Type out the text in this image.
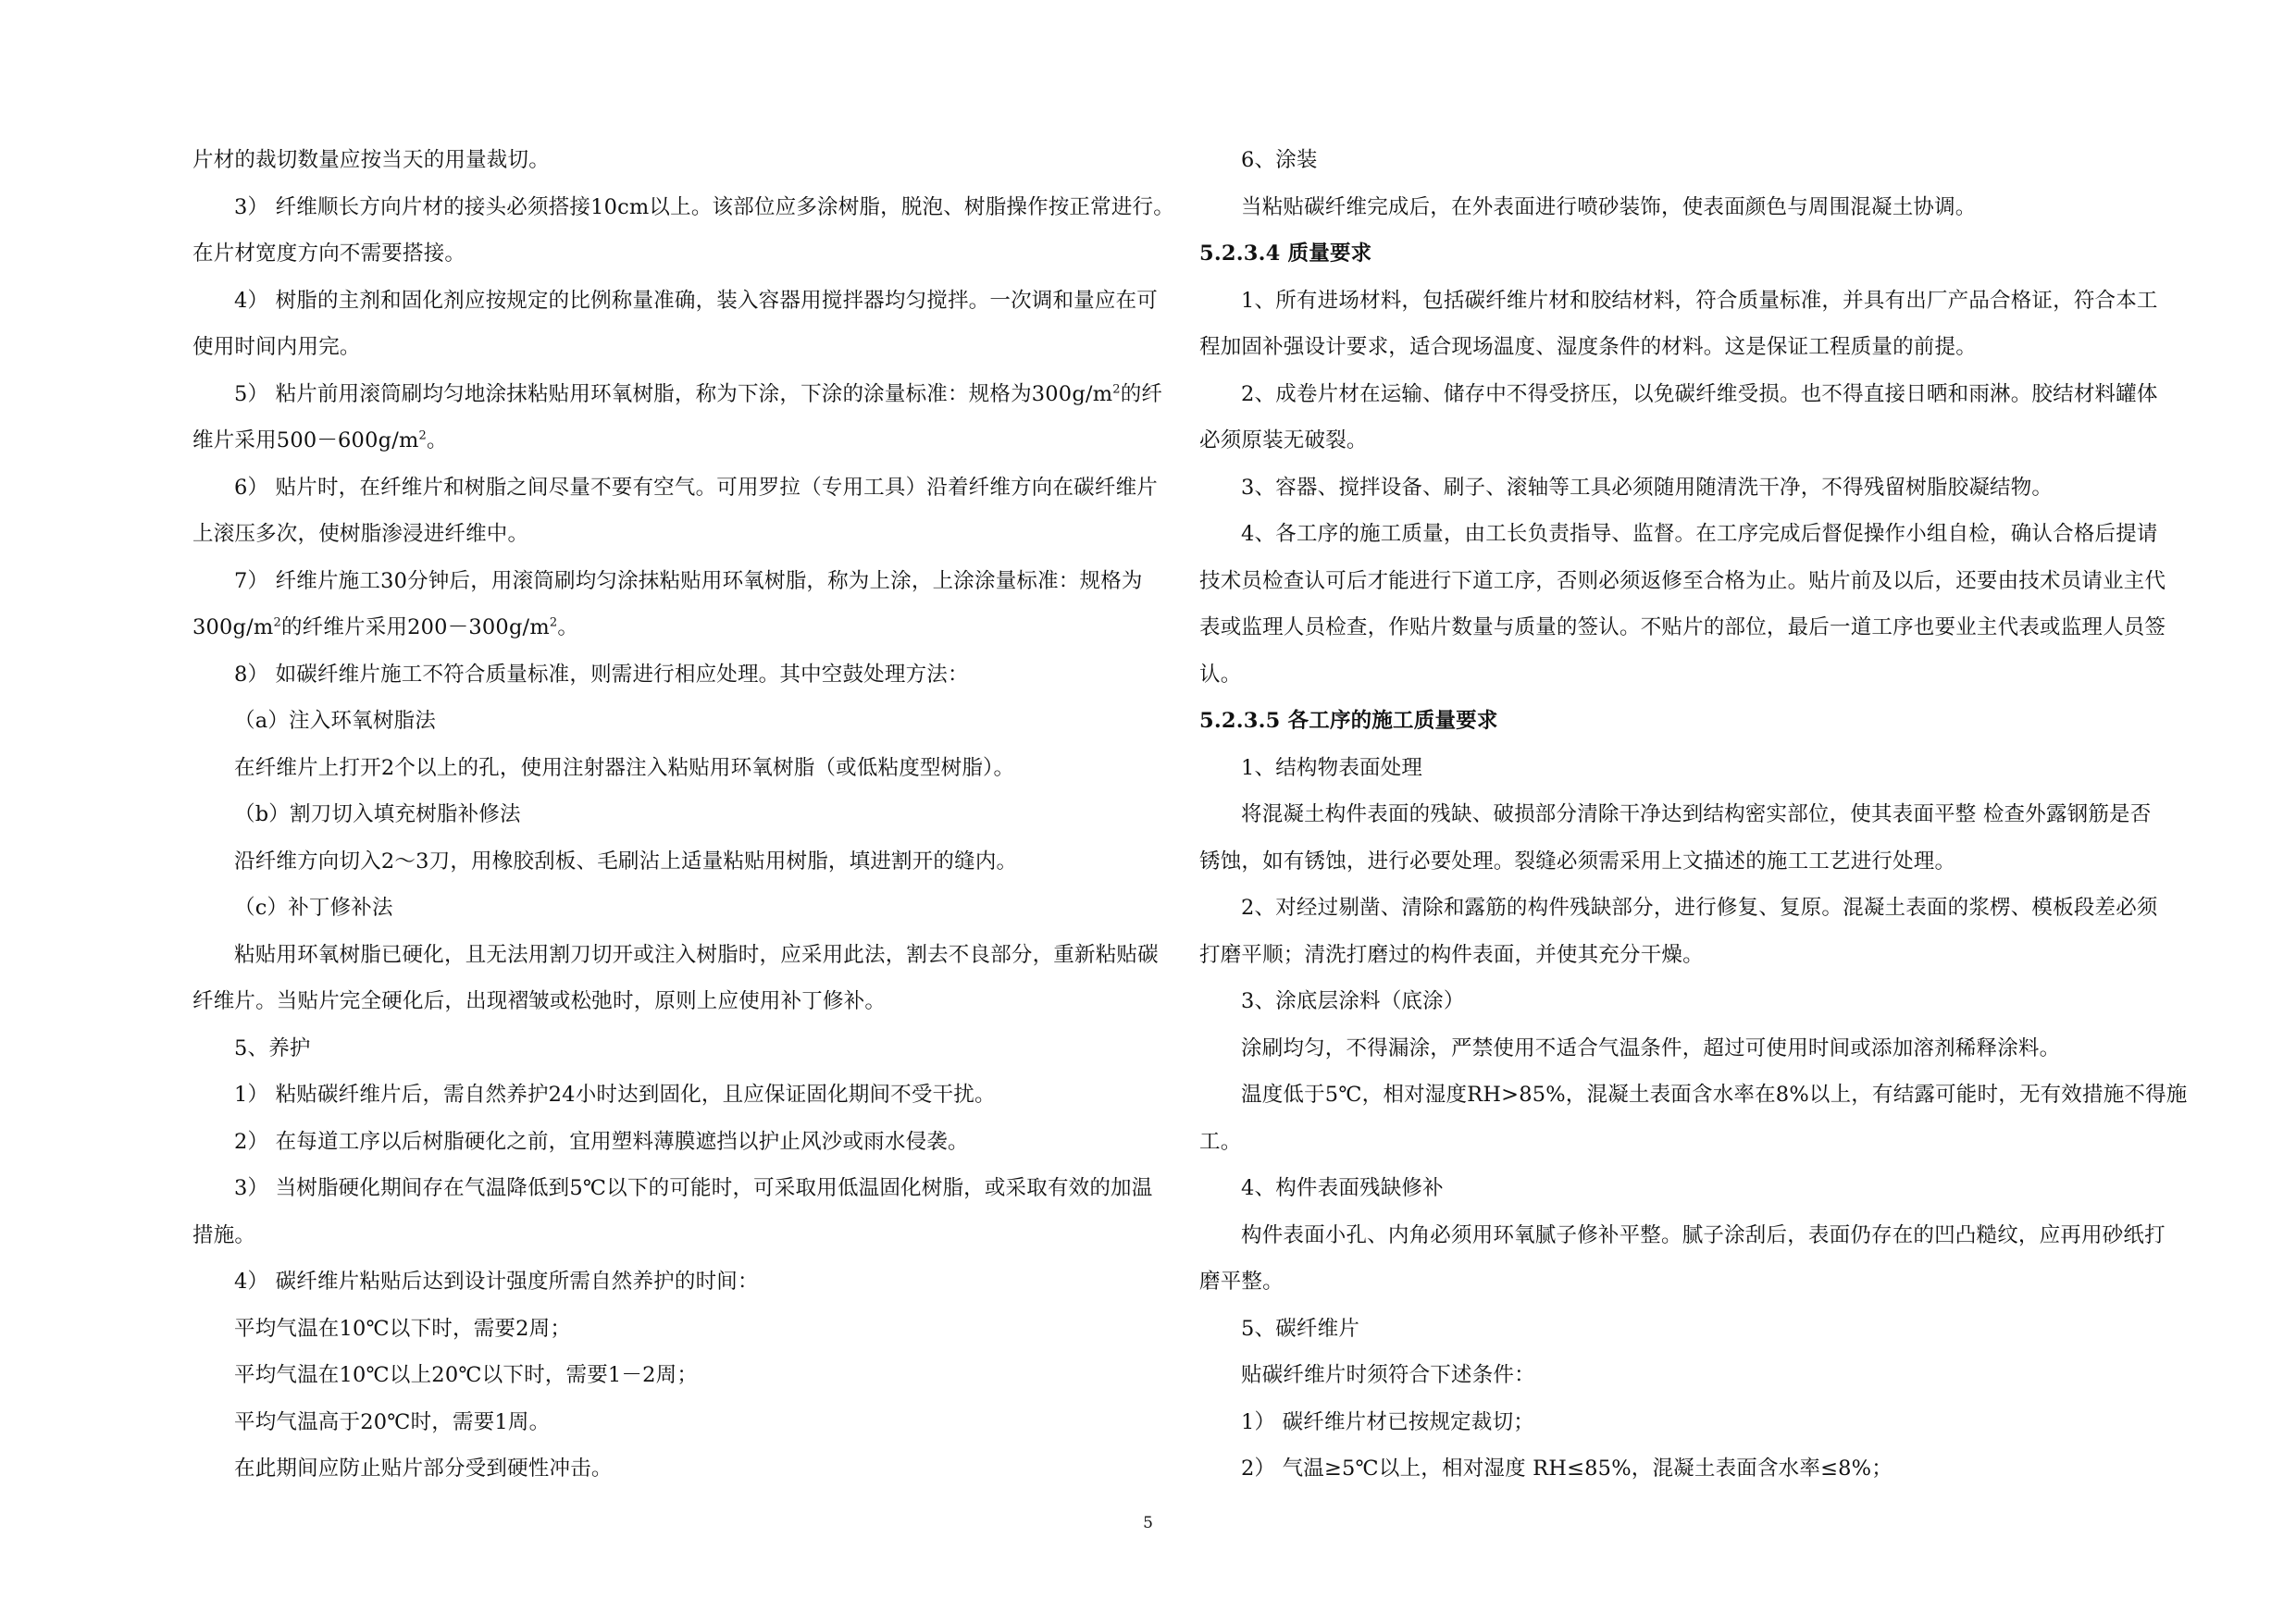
片材的裁切数量应按当天的用量裁切。
3） 纤维顺长方向片材的接头必须搭接10cm以上。该部位应多涂树脂，脱泡、树脂操作按正常进行。
在片材宽度方向不需要搭接。
4） 树脂的主剂和固化剂应按规定的比例称量准确，装入容器用搅拌器均匀搅拌。一次调和量应在可
使用时间内用完。
5） 粘片前用滚筒刷均匀地涂抹粘贴用环氧树脂，称为下涂，下涂的涂量标准：规格为$300g/m^2$的纤
维片采用$500-600g/m^2$。
6） 贴片时，在纤维片和树脂之间尽量不要有空气。可用罗拉（专用工具）沿着纤维方向在碳纤维片
上滚压多次，使树脂渗浸进纤维中。
7） 纤维片施工30分钟后，用滚筒刷均匀涂抹粘贴用环氧树脂，称为上涂，上涂涂量标准：规格为
$300g/m^2$的纤维片采用$200-300g/m^2$。
8） 如碳纤维片施工不符合质量标准，则需进行相应处理。其中空鼓处理方法：
（a）注入环氧树脂法
在纤维片上打开2个以上的孔，使用注射器注入粘贴用环氧树脂（或低粘度型树脂）。
（b）割刀切入填充树脂补修法
沿纤维方向切入2～3刀，用橡胶刮板、毛刷沾上适量粘贴用树脂，填进割开的缝内。
（c）补丁修补法
粘贴用环氧树脂已硬化，且无法用割刀切开或注入树脂时，应采用此法，割去不良部分，重新粘贴碳
纤维片。当贴片完全硬化后，出现褶皱或松弛时，原则上应使用补丁修补。
5、养护
1） 粘贴碳纤维片后，需自然养护24小时达到固化，且应保证固化期间不受干扰。
2） 在每道工序以后树脂硬化之前，宜用塑料薄膜遮挡以护止风沙或雨水侵袭。
3） 当树脂硬化期间存在气温降低到5℃以下的可能时，可采取用低温固化树脂，或采取有效的加温
措施。
4） 碳纤维片粘贴后达到设计强度所需自然养护的时间：
平均气温在10℃以下时，需要2周；
平均气温在10℃以上20℃以下时，需要1－2周；
平均气温高于20℃时，需要1周。
在此期间应防止贴片部分受到硬性冲击。
6、涂装
当粘贴碳纤维完成后，在外表面进行喷砂装饰，使表面颜色与周围混凝土协调。
5.2.3.4 质量要求
1、所有进场材料，包括碳纤维片材和胶结材料，符合质量标准，并具有出厂产品合格证，符合本工
程加固补强设计要求，适合现场温度、湿度条件的材料。这是保证工程质量的前提。
2、成卷片材在运输、储存中不得受挤压，以免碳纤维受损。也不得直接日晒和雨淋。胶结材料罐体
必须原装无破裂。
3、容器、搅拌设备、刷子、滚轴等工具必须随用随清洗干净，不得残留树脂胶凝结物。
4、各工序的施工质量，由工长负责指导、监督。在工序完成后督促操作小组自检，确认合格后提请
技术员检查认可后才能进行下道工序，否则必须返修至合格为止。贴片前及以后，还要由技术员请业主代
表或监理人员检查，作贴片数量与质量的签认。不贴片的部位，最后一道工序也要业主代表或监理人员签
认。
5.2.3.5 各工序的施工质量要求
1、结构物表面处理
将混凝土构件表面的残缺、破损部分清除干净达到结构密实部位，使其表面平整 检查外露钢筋是否
锈蚀，如有锈蚀，进行必要处理。裂缝必须需采用上文描述的施工工艺进行处理。
2、对经过剔凿、清除和露筋的构件残缺部分，进行修复、复原。混凝土表面的浆楞、模板段差必须
打磨平顺；清洗打磨过的构件表面，并使其充分干燥。
3、涂底层涂料（底涂）
涂刷均匀，不得漏涂，严禁使用不适合气温条件，超过可使用时间或添加溶剂稀释涂料。
温度低于5℃，相对湿度RH>85%，混凝土表面含水率在8%以上，有结露可能时，无有效措施不得施
工。
4、构件表面残缺修补
构件表面小孔、内角必须用环氧腻子修补平整。腻子涂刮后，表面仍存在的凹凸糙纹，应再用砂纸打
磨平整。
5、碳纤维片
贴碳纤维片时须符合下述条件：
1） 碳纤维片材已按规定裁切；
2） 气温≥5℃以上，相对湿度 RH≤85%，混凝土表面含水率≤8%；
5
